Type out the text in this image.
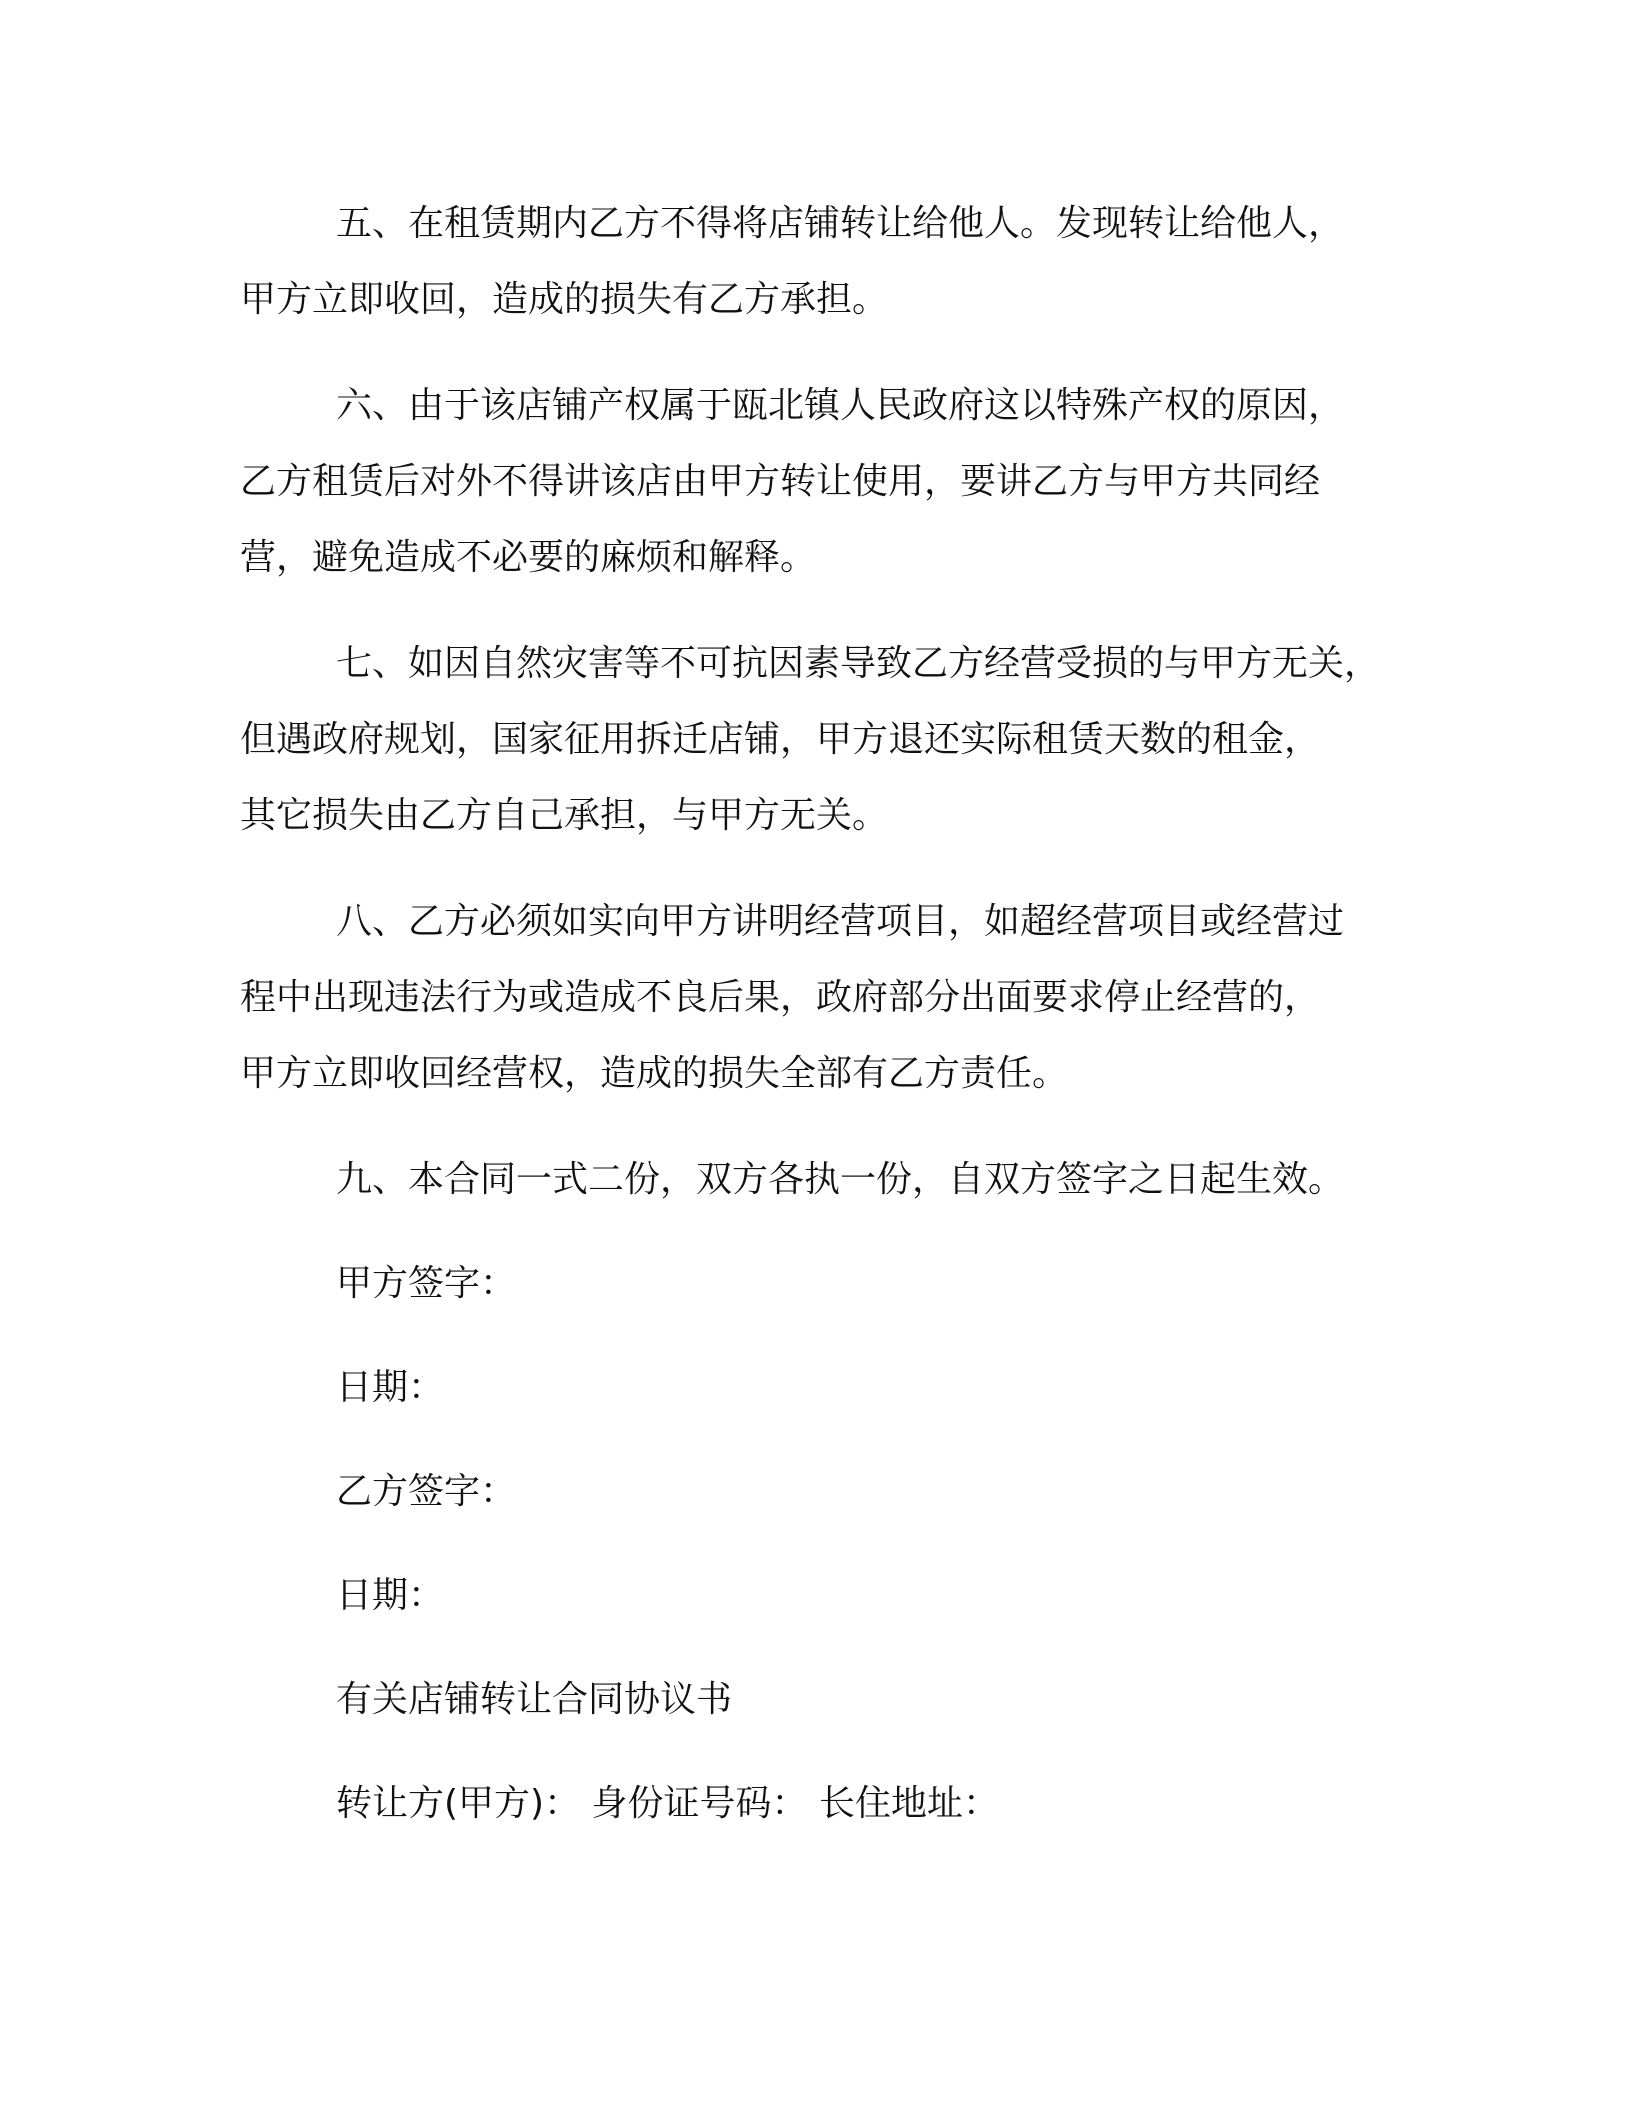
五、在租赁期内乙方不得将店铺转让给他人。发现转让给他人，
甲方立即收回，造成的损失有乙方承担。
六、由于该店铺产权属于瓯北镇人民政府这以特殊产权的原因，
乙方租赁后对外不得讲该店由甲方转让使用，要讲乙方与甲方共同经
营，避免造成不必要的麻烦和解释。
七、如因自然灾害等不可抗因素导致乙方经营受损的与甲方无关，
但遇政府规划，国家征用拆迁店铺，甲方退还实际租赁天数的租金，
其它损失由乙方自己承担，与甲方无关。
八、乙方必须如实向甲方讲明经营项目，如超经营项目或经营过
程中出现违法行为或造成不良后果，政府部分出面要求停止经营的，
甲方立即收回经营权，造成的损失全部有乙方责任。
九、本合同一式二份，双方各执一份，自双方签字之日起生效。
甲方签字：
日期：
乙方签字：
日期：
有关店铺转让合同协议书
转让方(甲方)： 身份证号码： 长住地址：
